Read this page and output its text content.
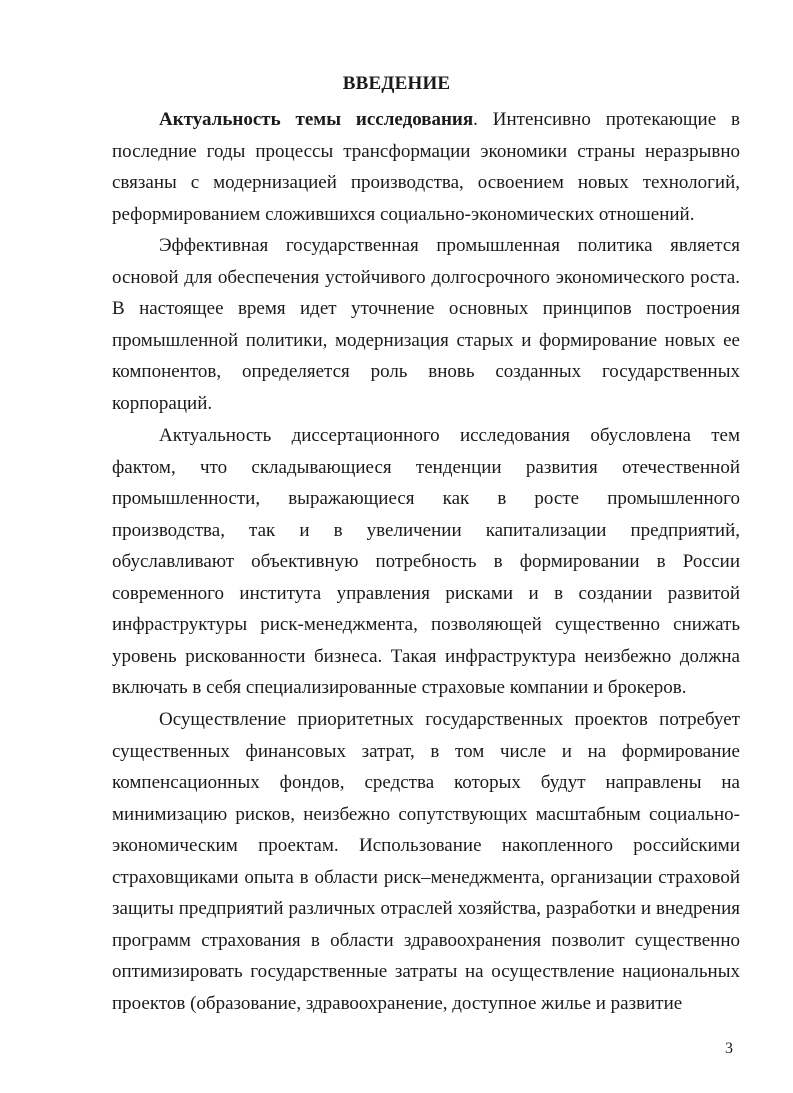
ВВЕДЕНИЕ

Актуальность темы исследования. Интенсивно протекающие в последние годы процессы трансформации экономики страны неразрывно связаны с модернизацией производства, освоением новых технологий, реформированием сложившихся социально-экономических отношений.

Эффективная государственная промышленная политика является основой для обеспечения устойчивого долгосрочного экономического роста. В настоящее время идет уточнение основных принципов построения промышленной политики, модернизация старых и формирование новых ее компонентов, определяется роль вновь созданных государственных корпораций.

Актуальность диссертационного исследования обусловлена тем фактом, что складывающиеся тенденции развития отечественной промышленности, выражающиеся как в росте промышленного производства, так и в увеличении капитализации предприятий, обуславливают объективную потребность в формировании в России современного института управления рисками и в создании развитой инфраструктуры риск-менеджмента, позволяющей существенно снижать уровень рискованности бизнеса. Такая инфраструктура неизбежно должна включать в себя специализированные страховые компании и брокеров.

Осуществление приоритетных государственных проектов потребует существенных финансовых затрат, в том числе и на формирование компенсационных фондов, средства которых будут направлены на минимизацию рисков, неизбежно сопутствующих масштабным социально-экономическим проектам. Использование накопленного российскими страховщиками опыта в области риск–менеджмента, организации страховой защиты предприятий различных отраслей хозяйства, разработки и внедрения программ страхования в области здравоохранения позволит существенно оптимизировать государственные затраты на осуществление национальных проектов (образование, здравоохранение, доступное жилье и развитие

3
